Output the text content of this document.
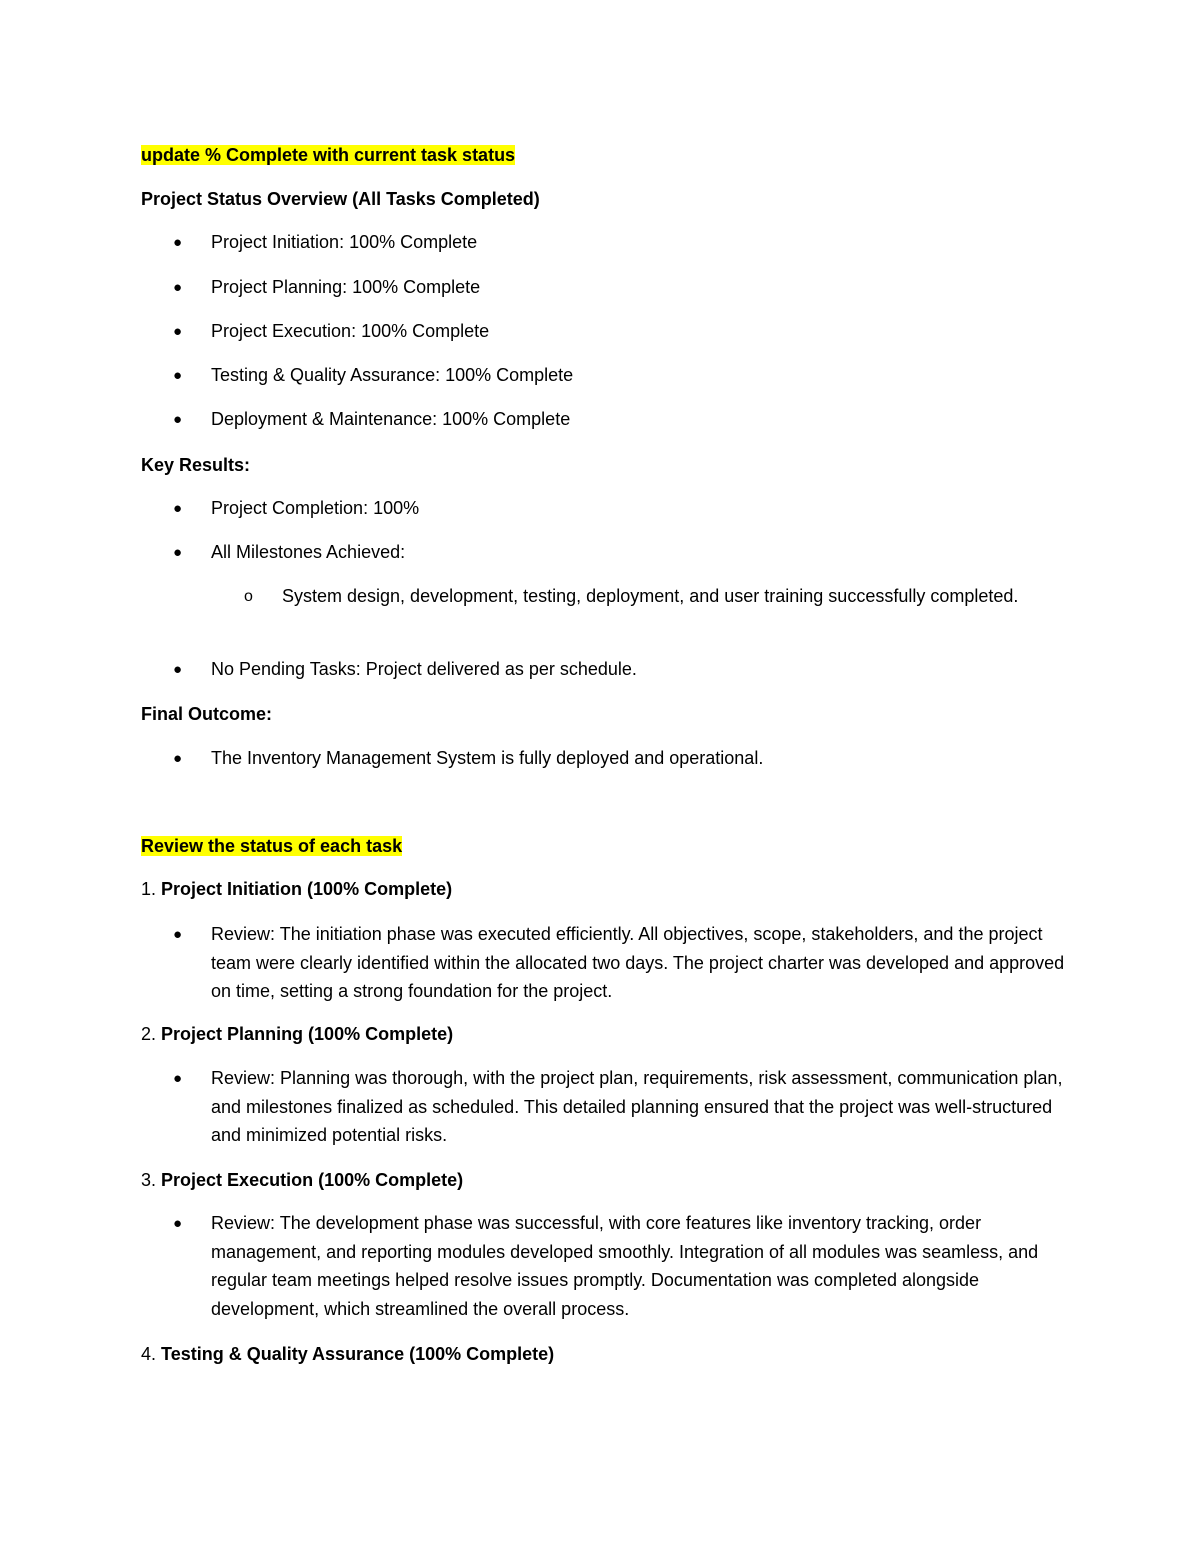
update % Complete with current task status
Project Status Overview (All Tasks Completed)
● Project Initiation: 100% Complete
● Project Planning: 100% Complete
● Project Execution: 100% Complete
● Testing & Quality Assurance: 100% Complete
● Deployment & Maintenance: 100% Complete
Key Results:
● Project Completion: 100%
● All Milestones Achieved:
o System design, development, testing, deployment, and user training successfully completed.
● No Pending Tasks: Project delivered as per schedule.
Final Outcome:
● The Inventory Management System is fully deployed and operational.
Review the status of each task
1. Project Initiation (100% Complete)
● Review: The initiation phase was executed efficiently. All objectives, scope, stakeholders, and the project team were clearly identified within the allocated two days. The project charter was developed and approved on time, setting a strong foundation for the project.
2. Project Planning (100% Complete)
● Review: Planning was thorough, with the project plan, requirements, risk assessment, communication plan, and milestones finalized as scheduled. This detailed planning ensured that the project was well-structured and minimized potential risks.
3. Project Execution (100% Complete)
● Review: The development phase was successful, with core features like inventory tracking, order management, and reporting modules developed smoothly. Integration of all modules was seamless, and regular team meetings helped resolve issues promptly. Documentation was completed alongside development, which streamlined the overall process.
4. Testing & Quality Assurance (100% Complete)
